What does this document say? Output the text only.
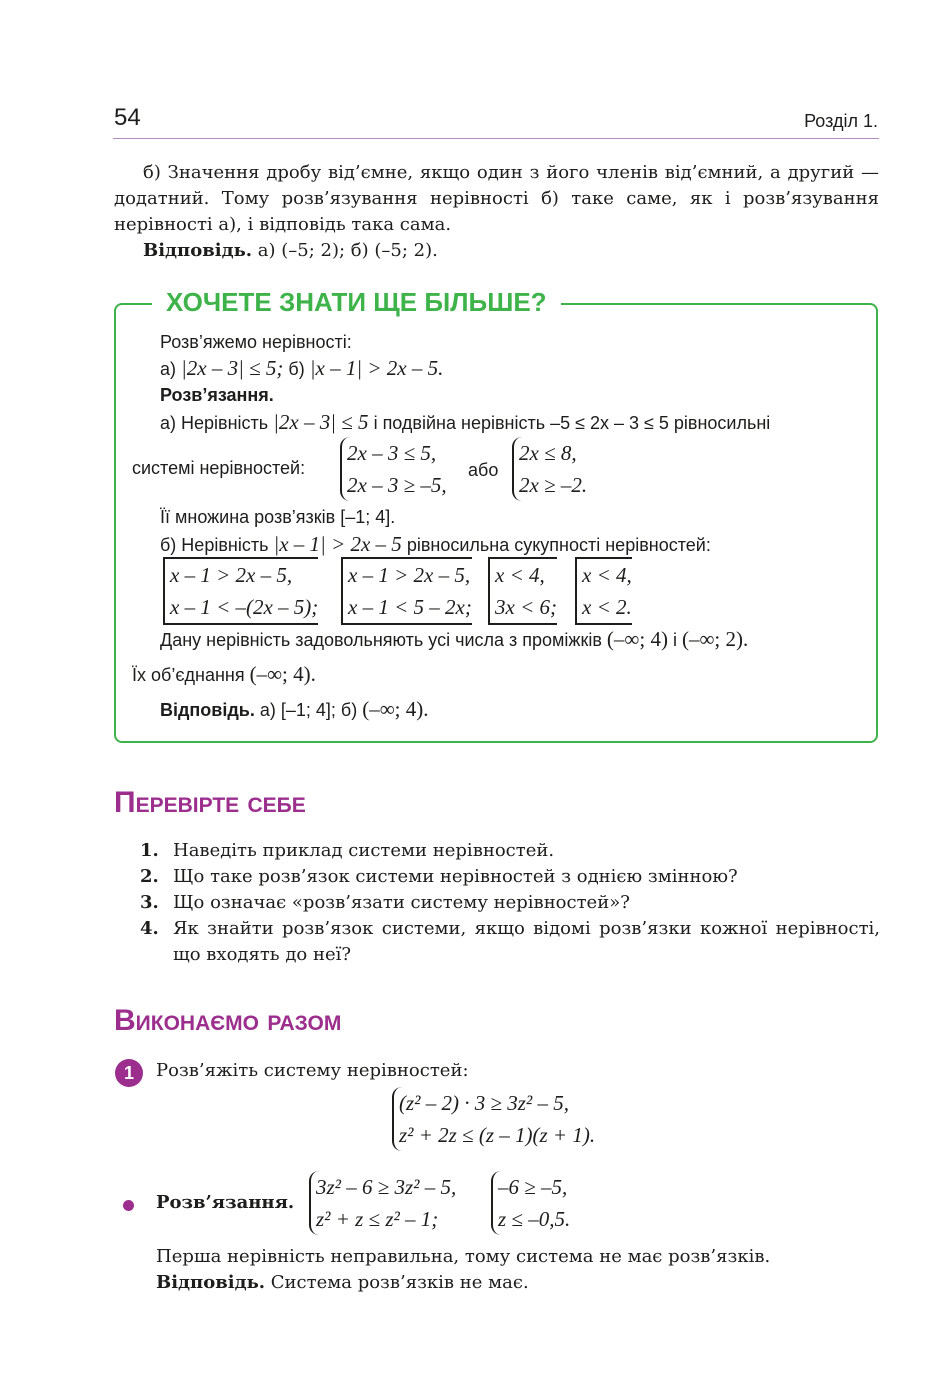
54	Розділ 1.

б) Значення дробу від’ємне, якщо один з його членів від’ємний, а другий — додатний. Тому розв’язування нерівності б) таке саме, як і розв’язування нерівності а), і відповідь така сама.

Відповідь. а) (–5; 2); б) (–5; 2).

ХОЧЕТЕ ЗНАТИ ЩЕ БІЛЬШЕ?
Розв’яжемо нерівності:
а) |2x – 3| ≤ 5; б) |x – 1| > 2x – 5.
Розв’язання.
а) Нерівність |2x – 3| ≤ 5 і подвійна нерівність –5 ≤ 2x – 3 ≤ 5 рівносильні
системі нерівностей:
2x – 3 ≤ 5,
2x – 3 ≥ –5,
або
2x ≤ 8,
2x ≥ –2.
Її множина розв’язків [–1; 4].
б) Нерівність |x – 1| > 2x – 5 рівносильна сукупності нерівностей:
x – 1 > 2x – 5,
x – 1 < –(2x – 5);
x – 1 > 2x – 5,
x – 1 < 5 – 2x;
x < 4,
3x < 6;
x < 4,
x < 2.
Дану нерівність задовольняють усі числа з проміжків (–∞; 4) і (–∞; 2).
Їх об’єднання (–∞; 4).
Відповідь. а) [–1; 4]; б) (–∞; 4).
Перевірте себе
1. Наведіть приклад системи нерівностей.
2. Що таке розв’язок системи нерівностей з однією змінною?
3. Що означає «розв’язати систему нерівностей»?
4. Як знайти розв’язок системи, якщо відомі розв’язки кожної нерівності, що входять до неї?
Виконаємо разом
1	Розв’яжіть систему нерівностей:
(z² – 2) · 3 ≥ 3z² – 5,
z² + 2z ≤ (z – 1)(z + 1).
Розв’язання.
3z² – 6 ≥ 3z² – 5,
z² + z ≤ z² – 1;
–6 ≥ –5,
z ≤ –0,5.
Перша нерівність неправильна, тому система не має розв’язків.
Відповідь. Система розв’язків не має.
